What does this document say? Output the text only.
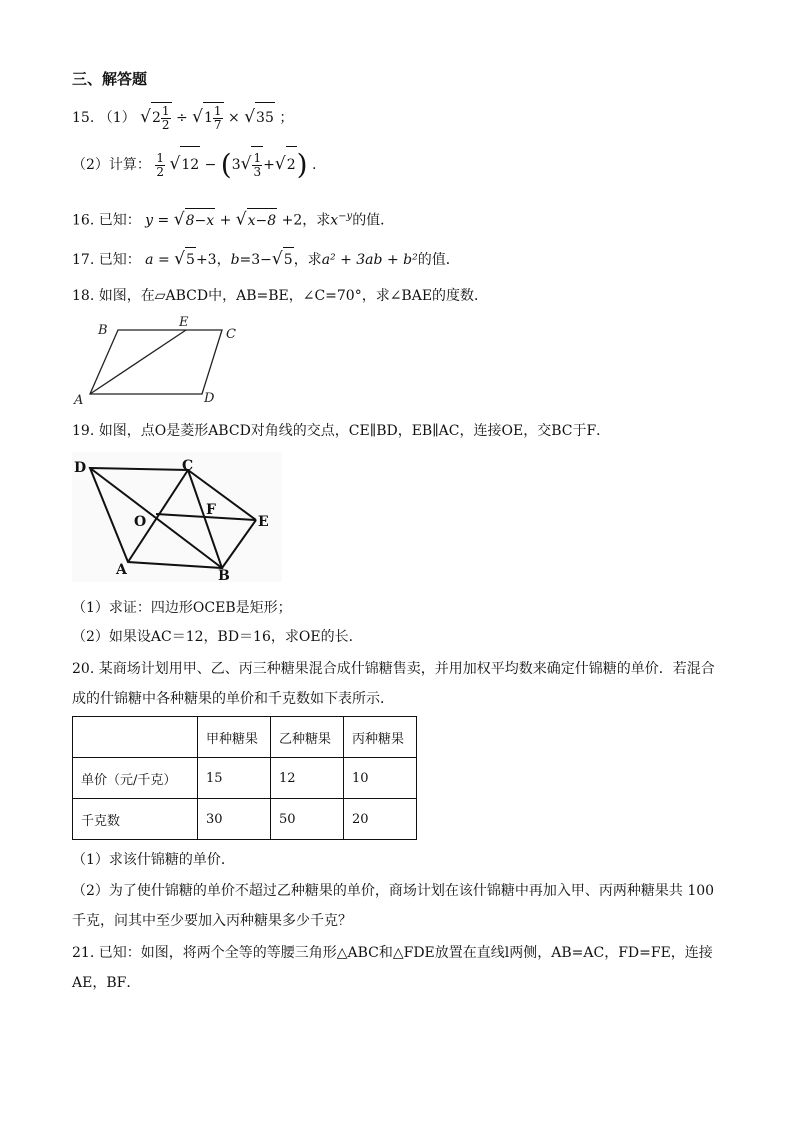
三、解答题
15. （1） $√2 \frac{1}{2} \div √1 \frac{1}{7} \times √35$ ；
（2）计算： $\frac{1}{2} √12 - (3√ \frac{1}{3} +√2)$ .
16. 已知： y = √8−x + √x−8 +2，求$x^{-y}$的值．
17. 已知： a = √5+3，b=3−√5，求a² + 3ab + b²的值．
18. 如图，在▱ABCD中，AB=BE，∠C=70°，求∠BAE的度数．
B
E
C
A	D
19. 如图，点O是菱形ABCD对角线的交点，CE∥BD，EB∥AC，连接OE，交BC于F．
D	C
O
F
E
A	B
（1）求证：四边形OCEB是矩形；
（2）如果设AC＝12，BD＝16，求OE的长．
20. 某商场计划用甲、乙、丙三种糖果混合成什锦糖售卖，并用加权平均数来确定什锦糖的单价．若混合
成的什锦糖中各种糖果的单价和千克数如下表所示．
	甲种糖果	乙种糖果	丙种糖果
单价（元/千克）	15	12	10
千克数	30	50	20
（1）求该什锦糖的单价．
（2）为了使什锦糖的单价不超过乙种糖果的单价，商场计划在该什锦糖中再加入甲、丙两种糖果共 100
千克，问其中至少要加入丙种糖果多少千克？
21. 已知：如图，将两个全等的等腰三角形△ABC和△FDE放置在直线l两侧，AB=AC，FD=FE，连接
AE，BF．
